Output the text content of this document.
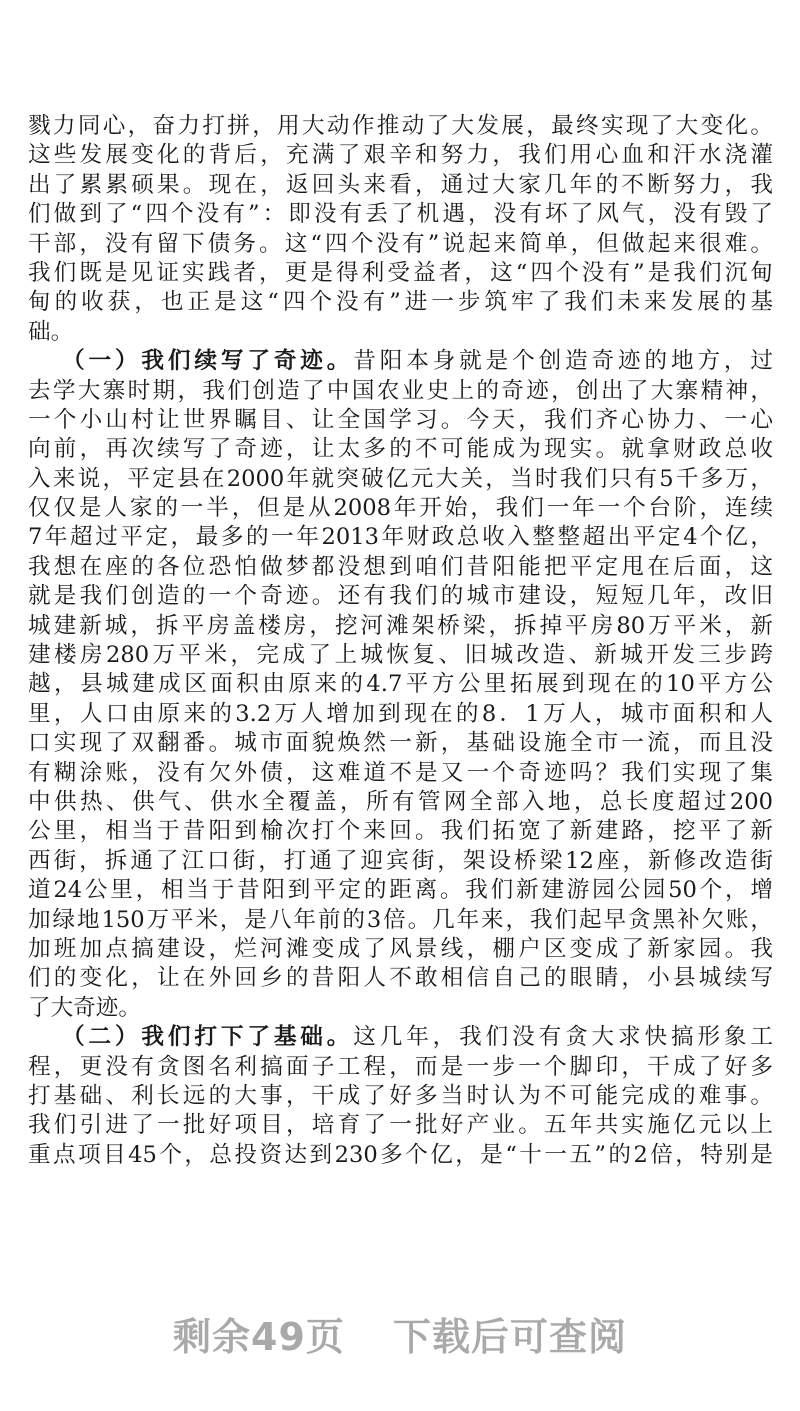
戮力同心，奋力打拼，用大动作推动了大发展，最终实现了大变化。
这些发展变化的背后，充满了艰辛和努力，我们用心血和汗水浇灌
出了累累硕果。现在，返回头来看，通过大家几年的不断努力，我
们做到了“四个没有”：即没有丢了机遇，没有坏了风气，没有毁了
干部，没有留下债务。这“四个没有”说起来简单，但做起来很难。
我们既是见证实践者，更是得利受益者，这“四个没有”是我们沉甸
甸的收获，也正是这“四个没有”进一步筑牢了我们未来发展的基
础。
（一）我们续写了奇迹。昔阳本身就是个创造奇迹的地方，过
去学大寨时期，我们创造了中国农业史上的奇迹，创出了大寨精神，
一个小山村让世界瞩目、让全国学习。今天，我们齐心协力、一心
向前，再次续写了奇迹，让太多的不可能成为现实。就拿财政总收
入来说，平定县在2000年就突破亿元大关，当时我们只有5千多万，
仅仅是人家的一半，但是从2008年开始，我们一年一个台阶，连续
7年超过平定，最多的一年2013年财政总收入整整超出平定4个亿，
我想在座的各位恐怕做梦都没想到咱们昔阳能把平定甩在后面，这
就是我们创造的一个奇迹。还有我们的城市建设，短短几年，改旧
城建新城，拆平房盖楼房，挖河滩架桥梁，拆掉平房80万平米，新
建楼房280万平米，完成了上城恢复、旧城改造、新城开发三步跨
越，县城建成区面积由原来的4.7平方公里拓展到现在的10平方公
里，人口由原来的3.2万人增加到现在的8．1万人，城市面积和人
口实现了双翻番。城市面貌焕然一新，基础设施全市一流，而且没
有糊涂账，没有欠外债，这难道不是又一个奇迹吗？我们实现了集
中供热、供气、供水全覆盖，所有管网全部入地，总长度超过200
公里，相当于昔阳到榆次打个来回。我们拓宽了新建路，挖平了新
西街，拆通了江口街，打通了迎宾街，架设桥梁12座，新修改造街
道24公里，相当于昔阳到平定的距离。我们新建游园公园50个，增
加绿地150万平米，是八年前的3倍。几年来，我们起早贪黑补欠账，
加班加点搞建设，烂河滩变成了风景线，棚户区变成了新家园。我
们的变化，让在外回乡的昔阳人不敢相信自己的眼睛，小县城续写
了大奇迹。
（二）我们打下了基础。这几年，我们没有贪大求快搞形象工
程，更没有贪图名利搞面子工程，而是一步一个脚印，干成了好多
打基础、利长远的大事，干成了好多当时认为不可能完成的难事。
我们引进了一批好项目，培育了一批好产业。五年共实施亿元以上
重点项目45个，总投资达到230多个亿，是“十一五”的2倍，特别是
剩余49页 下载后可查阅
